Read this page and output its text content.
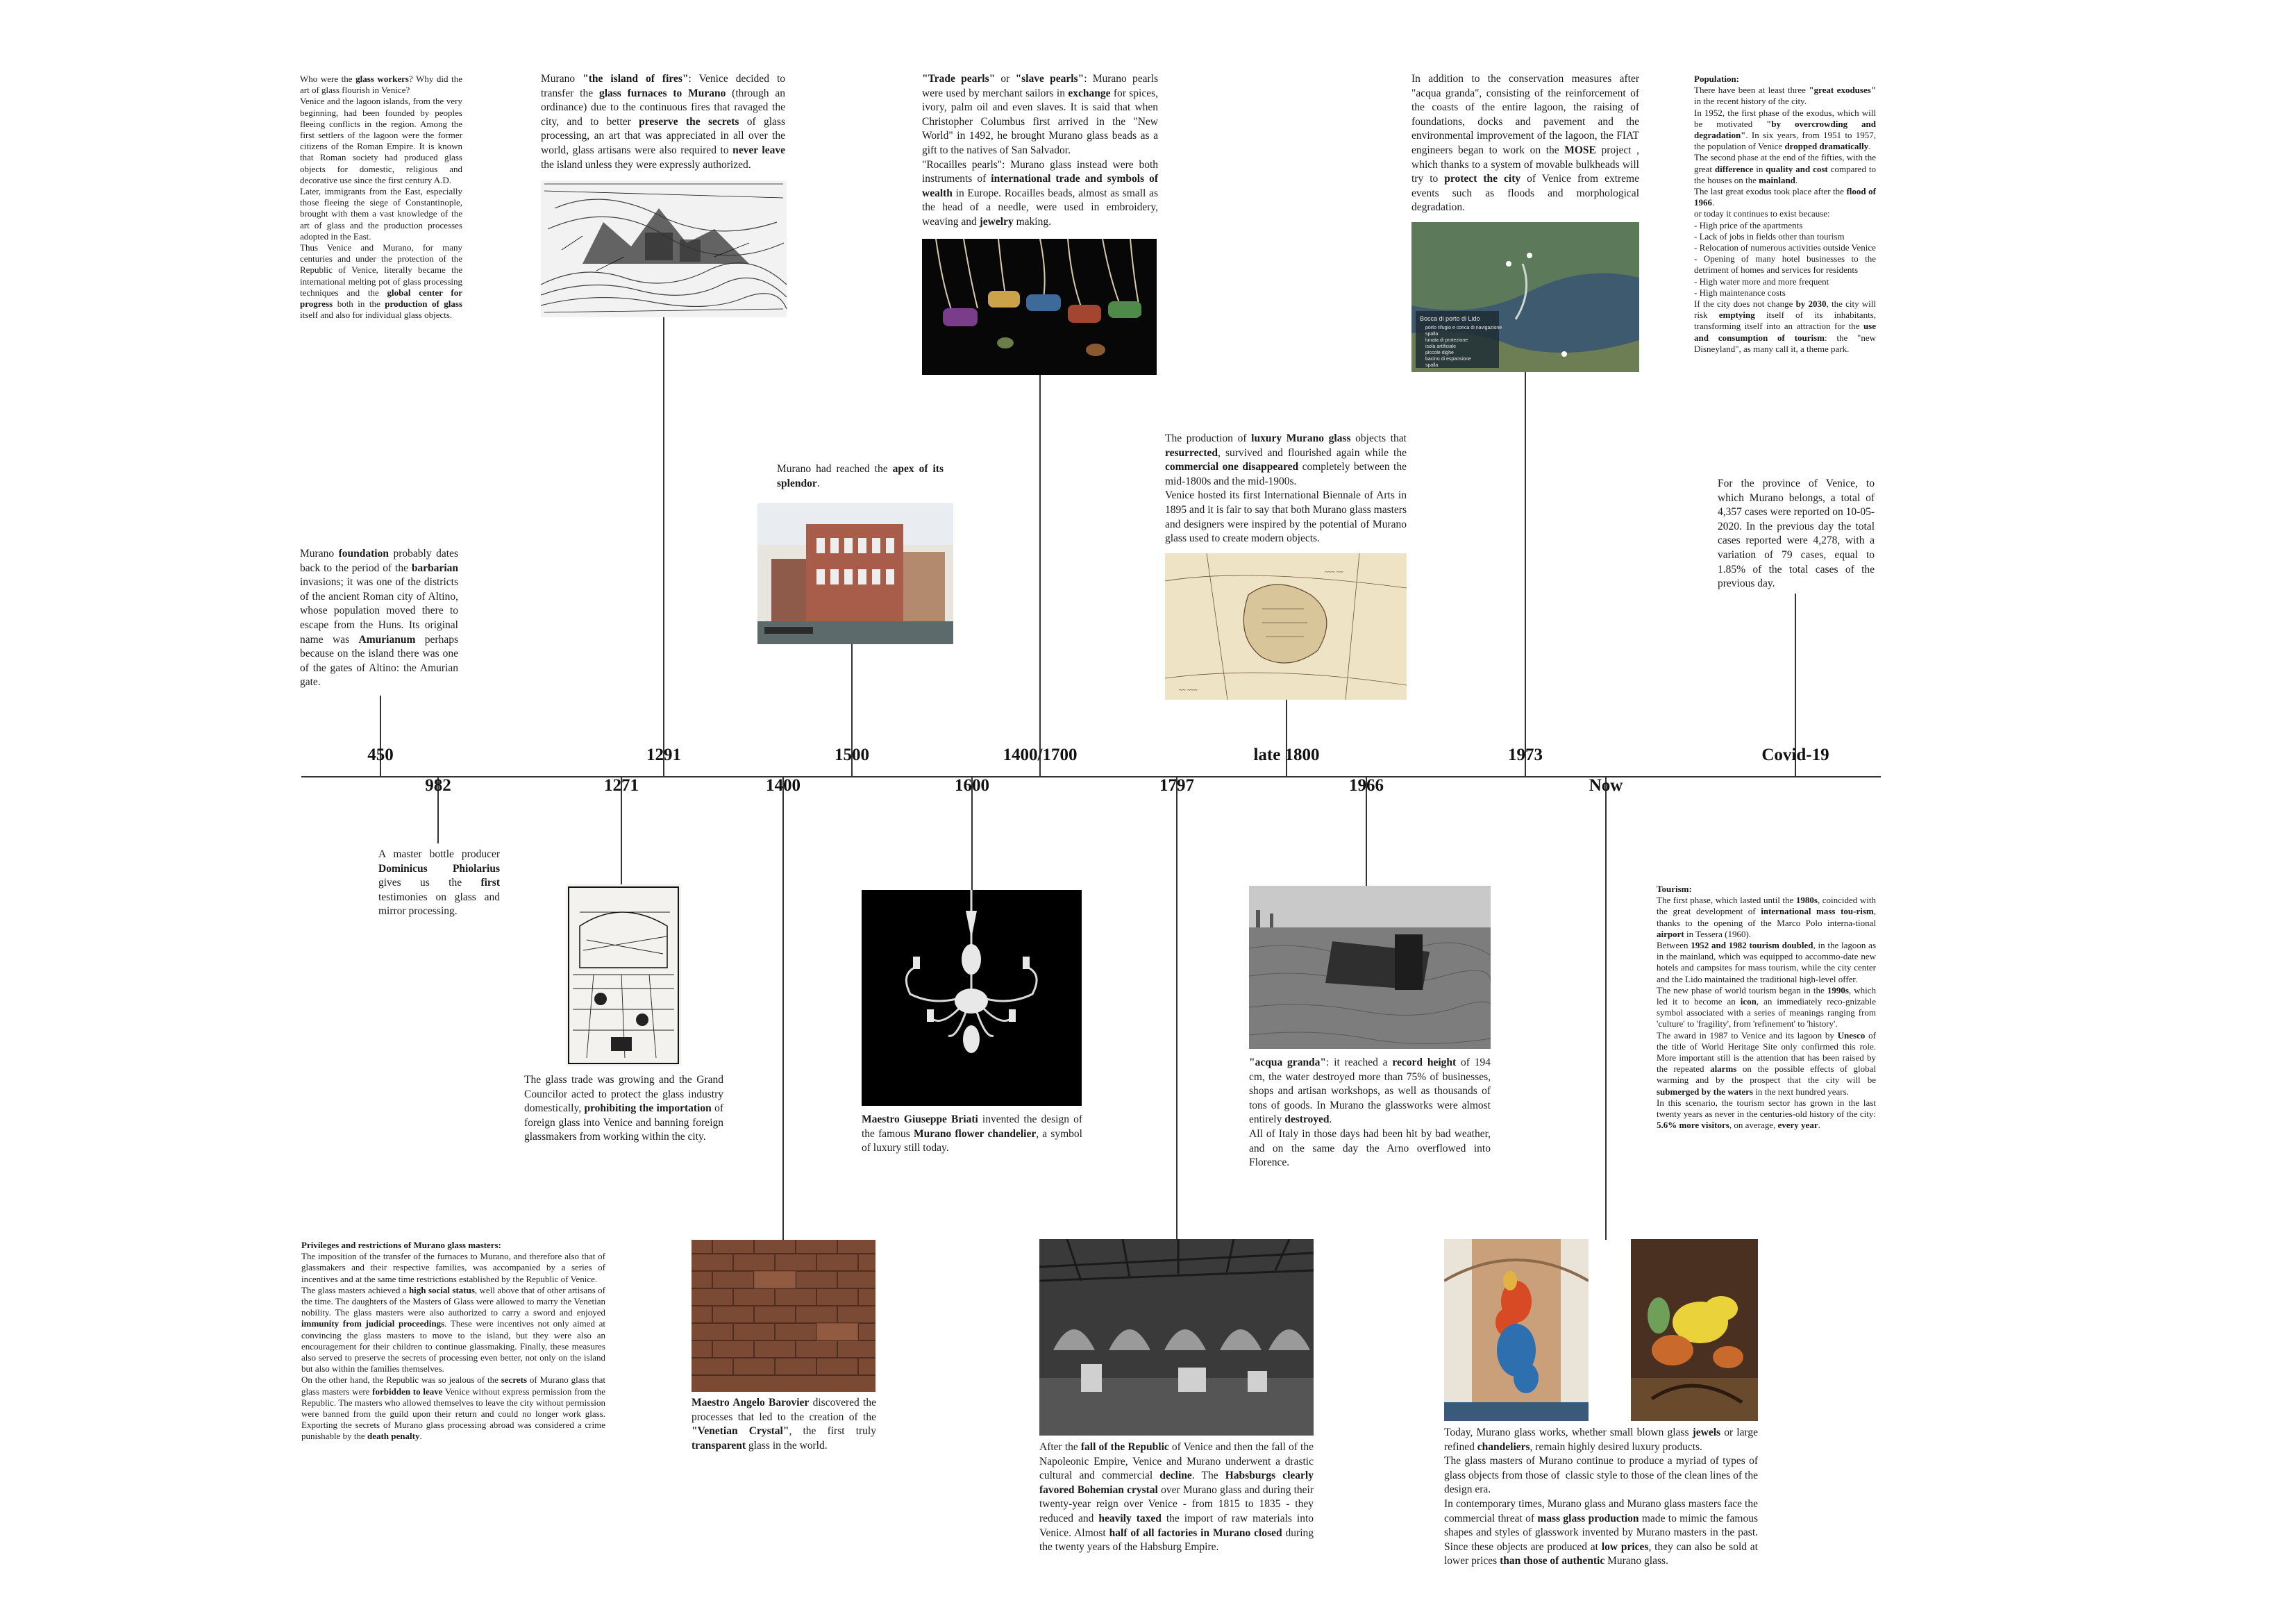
Who were the glass workers? Why did the art of glass flourish in Venice?

Venice and the lagoon islands, from the very beginning, had been founded by peoples fleeing conflicts in the region. Among the first settlers of the lagoon were the former citizens of the Roman Empire. It is known that Roman society had produced glass objects for domestic, religious and decorative use since the first century A.D.

Later, immigrants from the East, especially those fleeing the siege of Constantinople, brought with them a vast knowledge of the art of glass and the production processes adopted in the East.

Thus Venice and Murano, for many centuries and under the protection of the Republic of Venice, literally became the international melting pot of glass processing techniques and the global center for progress both in the production of glass itself and also for individual glass objects.

Murano foundation probably dates back to the period of the barbarian invasions; it was one of the districts of the ancient Roman city of Altino, whose population moved there to escape from the Huns. Its original name was Amurianum perhaps because on the island there was one of the gates of Altino: the Amurian gate.

Murano "the island of fires": Venice decided to transfer the glass furnaces to Murano (through an ordinance) due to the continuous fires that ravaged the city, and to better preserve the secrets of glass processing, an art that was appreciated in all over the world, glass artisans were also required to never leave the island unless they were expressly authorized.

"Trade pearls" or "slave pearls": Murano pearls were used by merchant sailors in exchange for spices, ivory, palm oil and even slaves. It is said that when Christopher Columbus first arrived in the "New World" in 1492, he brought Murano glass beads as a gift to the natives of San Salvador.

"Rocailles pearls": Murano glass instead were both instruments of international trade and symbols of wealth in Europe. Rocailles beads, almost as small as the head of a needle, were used in embroidery, weaving and jewelry making.

Murano had reached the apex of its splendor.

The production of luxury Murano glass objects that resurrected, survived and flourished again while the commercial one disappeared completely between the mid-1800s and the mid-1900s.

Venice hosted its first International Biennale of Arts in 1895 and it is fair to say that both Murano glass masters and designers were inspired by the potential of Murano glass used to create modern objects.

In addition to the conservation measures after "acqua granda", consisting of the reinforcement of the coasts of the entire lagoon, the raising of foundations, docks and pavement and the environmental improvement of the lagoon, the FIAT engineers began to work on the MOSE project , which thanks to a system of movable bulkheads will try to protect the city of Venice from extreme events such as floods and morphological degradation.

Population:

There have been at least three "great exoduses" in the recent history of the city.

In 1952, the first phase of the exodus, which will be motivated "by overcrowding and degradation". In six years, from 1951 to 1957, the population of Venice dropped dramatically.

The second phase at the end of the fifties, with the great difference in quality and cost compared to the houses on the mainland.

The last great exodus took place after the flood of 1966.

or today it continues to exist because:

- High price of the apartments

- Lack of jobs in fields other than tourism

- Relocation of numerous activities outside Venice

- Opening of many hotel businesses to the detriment of homes and services for residents

- High water more and more frequent

- High maintenance costs

If the city does not change by 2030, the city will risk emptying itself of its inhabitants, transforming itself into an attraction for the use and consumption of tourism: the "new Disneyland", as many call it, a theme park.

For the province of Venice, to which Murano belongs, a total of 4,357 cases were reported on 10-05-2020. In the previous day the total cases reported were 4,278, with a variation of 79 cases, equal to 1.85% of the total cases of the previous day.

A master bottle producer Dominicus Phiolarius gives us the first testimonies on glass and mirror processing.

The glass trade was growing and the Grand Councilor acted to protect the glass industry domestically, prohibiting the importation of foreign glass into Venice and banning foreign glassmakers from working within the city.

Maestro Giuseppe Briati invented the design of the famous Murano flower chandelier, a symbol of luxury still today.

"acqua granda": it reached a record height of 194 cm, the water destroyed more than 75% of businesses, shops and artisan workshops, as well as thousands of tons of goods. In Murano the glassworks were almost entirely destroyed.

All of Italy in those days had been hit by bad weather, and on the same day the Arno overflowed into Florence.

Tourism:

The first phase, which lasted until the 1980s, coincided with the great development of international mass tou-rism, thanks to the opening of the Marco Polo interna-tional airport in Tessera (1960).

Between 1952 and 1982 tourism doubled, in the lagoon as in the mainland, which was equipped to accommo-date new hotels and campsites for mass tourism, while the city center and the Lido maintained the traditional high-level offer.

The new phase of world tourism began in the 1990s, which led it to become an icon, an immediately reco-gnizable symbol associated with a series of meanings ranging from 'culture' to 'fragility', from 'refinement' to 'history'.

The award in 1987 to Venice and its lagoon by Unesco of the title of World Heritage Site only confirmed this role. More important still is the attention that has been raised by the repeated alarms on the possible effects of global warming and by the prospect that the city will be submerged by the waters in the next hundred years.

In this scenario, the tourism sector has grown in the last twenty years as never in the centuries-old history of the city: 5.6% more visitors, on average, every year.

Privileges and restrictions of Murano glass masters:

The imposition of the transfer of the furnaces to Murano, and therefore also that of glassmakers and their respective families, was accompanied by a series of incentives and at the same time restrictions established by the Republic of Venice.

The glass masters achieved a high social status, well above that of other artisans of the time. The daughters of the Masters of Glass were allowed to marry the Venetian nobility. The glass masters were also authorized to carry a sword and enjoyed immunity from judicial proceedings. These were incentives not only aimed at convincing the glass masters to move to the island, but they were also an encouragement for their children to continue glassmaking. Finally, these measures also served to preserve the secrets of processing even better, not only on the island but also within the families themselves.

On the other hand, the Republic was so jealous of the secrets of Murano glass that glass masters were forbidden to leave Venice without express permission from the Republic. The masters who allowed themselves to leave the city without permission were banned from the guild upon their return and could no longer work glass. Exporting the secrets of Murano glass processing abroad was considered a crime punishable by the death penalty.

Maestro Angelo Barovier discovered the processes that led to the creation of the "Venetian Crystal", the first truly transparent glass in the world.	After the fall of the Republic of Venice and then the fall of the Napoleonic Empire, Venice and Murano underwent a drastic cultural and commercial decline. The Habsburgs clearly favored Bohemian crystal over Murano glass and during their twenty-year reign over Venice - from 1815 to 1835 - they reduced and heavily taxed the import of raw materials into Venice. Almost half of all factories in Murano closed during the twenty years of the Habsburg Empire.

Today, Murano glass works, whether small blown glass jewels or large refined chandeliers, remain highly desired luxury products.

The glass masters of Murano continue to produce a myriad of types of glass objects from those of  classic style to those of the clean lines of the design era.

In contemporary times, Murano glass and Murano glass masters face the commercial threat of mass glass production made to mimic the famous shapes and styles of glasswork invented by Murano masters in the past. Since these objects are produced at low prices, they can also be sold at lower prices than those of authentic Murano glass.

450	1291	1500	1400/1700	late 1800	1973	Covid-19
982	1271	1400	1600	1797	1966	Now
~~~ ~~
~~ ~~~
Bocca di porto di Lido
porto rifugio e conca di navigazione
spalla
lunata di protezione
isola artificiale
piccole dighe
bacino di espansione
spalla
